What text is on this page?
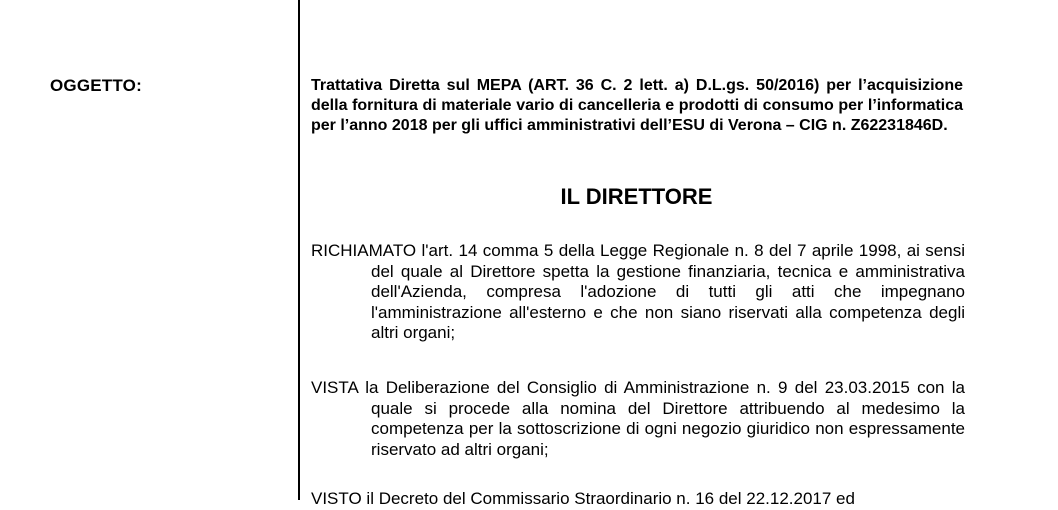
OGGETTO:	Trattativa Diretta sul MEPA (ART. 36 C. 2 lett. a) D.L.gs. 50/2016) per l’acquisizione della fornitura di materiale vario di cancelleria e prodotti di consumo per l’informatica per l’anno 2018 per gli uffici amministrativi dell’ESU di Verona – CIG n. Z62231846D.
IL DIRETTORE
RICHIAMATO l'art. 14 comma 5 della Legge Regionale n. 8 del 7 aprile 1998, ai sensi del quale al Direttore spetta la gestione finanziaria, tecnica e amministrativa dell'Azienda, compresa l'adozione di tutti gli atti che impegnano l'amministrazione all'esterno e che non siano riservati alla competenza degli altri organi;
VISTA la Deliberazione del Consiglio di Amministrazione n. 9 del 23.03.2015 con la quale si procede alla nomina del Direttore attribuendo al medesimo la competenza per la sottoscrizione di ogni negozio giuridico non espressamente riservato ad altri organi;
VISTO il Decreto del Commissario Straordinario n. 16 del 22.12.2017 ed
